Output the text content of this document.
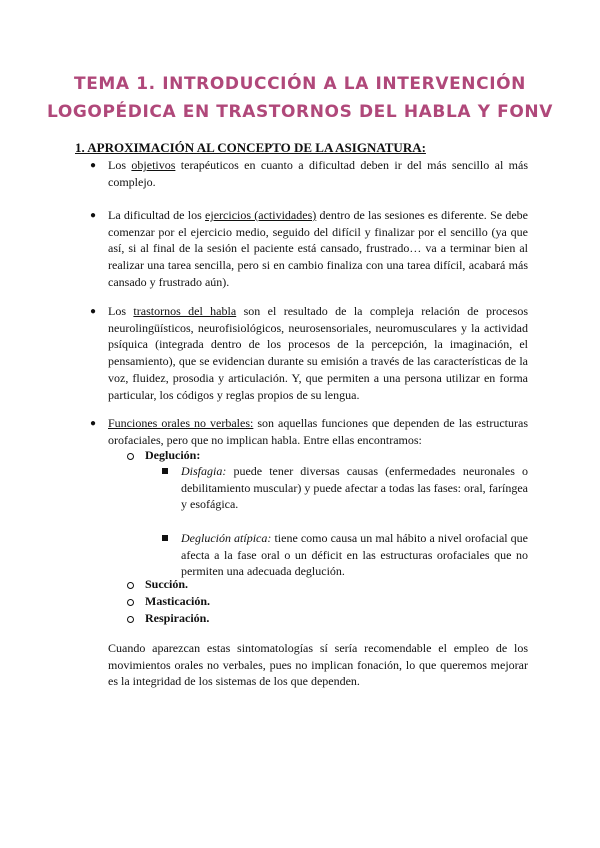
TEMA 1. INTRODUCCIÓN A LA INTERVENCIÓN
LOGOPÉDICA EN TRASTORNOS DEL HABLA Y FONV
1. APROXIMACIÓN AL CONCEPTO DE LA ASIGNATURA:
● Los objetivos terapéuticos en cuanto a dificultad deben ir del más sencillo al más complejo.
● La dificultad de los ejercicios (actividades) dentro de las sesiones es diferente. Se debe comenzar por el ejercicio medio, seguido del difícil y finalizar por el sencillo (ya que así, si al final de la sesión el paciente está cansado, frustrado… va a terminar bien al realizar una tarea sencilla, pero si en cambio finaliza con una tarea difícil, acabará más cansado y frustrado aún).
● Los trastornos del habla son el resultado de la compleja relación de procesos neurolingüísticos, neurofisiológicos, neurosensoriales, neuromusculares y la actividad psíquica (integrada dentro de los procesos de la percepción, la imaginación, el pensamiento), que se evidencian durante su emisión a través de las características de la voz, fluidez, prosodia y articulación. Y, que permiten a una persona utilizar en forma particular, los códigos y reglas propios de su lengua.
● Funciones orales no verbales: son aquellas funciones que dependen de las estructuras orofaciales, pero que no implican habla. Entre ellas encontramos:
Deglución:
Disfagia: puede tener diversas causas (enfermedades neuronales o debilitamiento muscular) y puede afectar a todas las fases: oral, faríngea y esofágica.
Deglución atípica: tiene como causa un mal hábito a nivel orofacial que afecta a la fase oral o un déficit en las estructuras orofaciales que no permiten una adecuada deglución.
Succión.
Masticación.
Respiración.
Cuando aparezcan estas sintomatologías sí sería recomendable el empleo de los movimientos orales no verbales, pues no implican fonación, lo que queremos mejorar es la integridad de los sistemas de los que dependen.
